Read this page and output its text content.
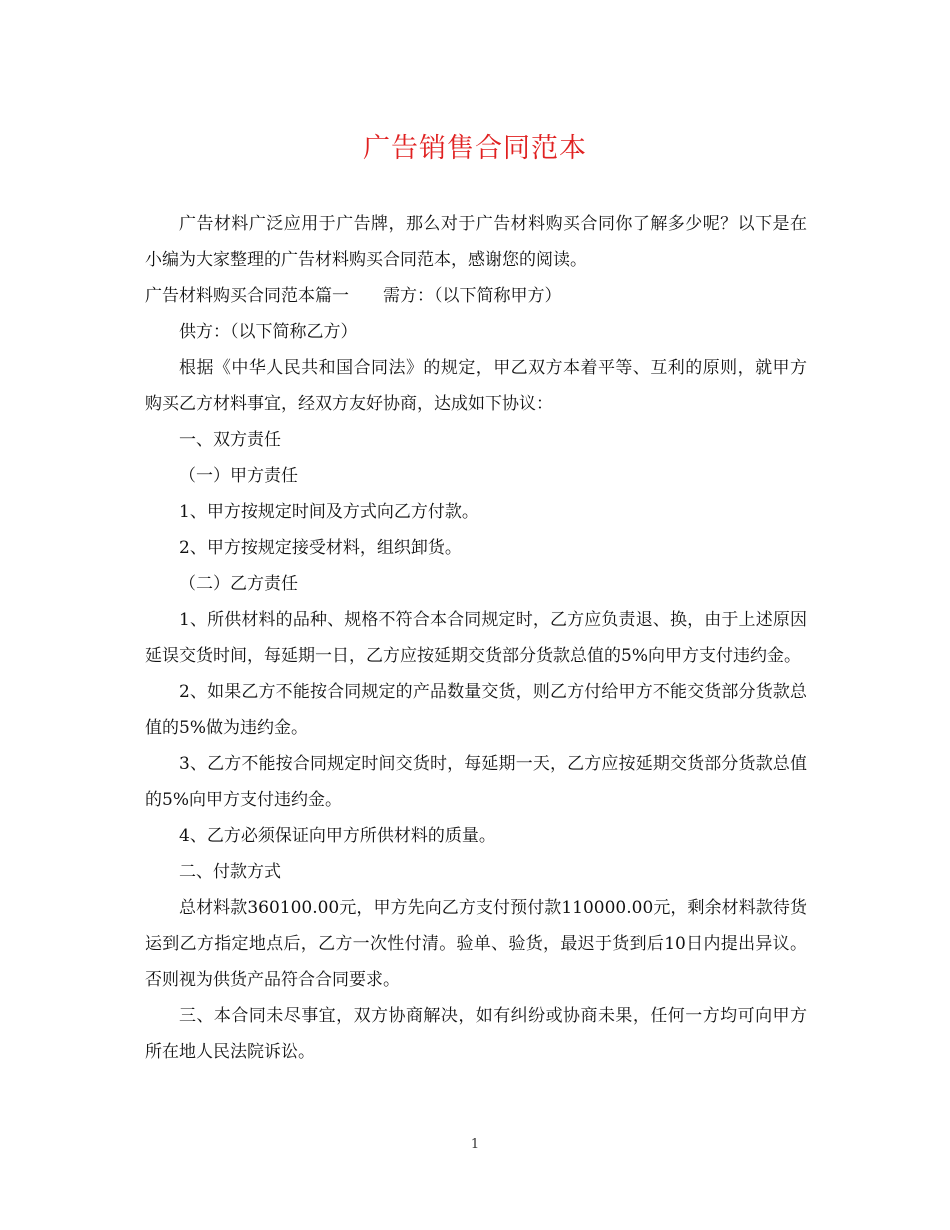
广告销售合同范本

广告材料广泛应用于广告牌，那么对于广告材料购买合同你了解多少呢？以下是在小编为大家整理的广告材料购买合同范本，感谢您的阅读。

广告材料购买合同范本篇一 需方：（以下简称甲方）

供方：（以下简称乙方）

根据《中华人民共和国合同法》的规定，甲乙双方本着平等、互利的原则，就甲方购买乙方材料事宜，经双方友好协商，达成如下协议：

一、双方责任

（一）甲方责任

1、甲方按规定时间及方式向乙方付款。

2、甲方按规定接受材料，组织卸货。

（二）乙方责任

1、所供材料的品种、规格不符合本合同规定时，乙方应负责退、换，由于上述原因延误交货时间，每延期一日，乙方应按延期交货部分货款总值的5%向甲方支付违约金。

2、如果乙方不能按合同规定的产品数量交货，则乙方付给甲方不能交货部分货款总值的5%做为违约金。

3、乙方不能按合同规定时间交货时，每延期一天，乙方应按延期交货部分货款总值的5%向甲方支付违约金。

4、乙方必须保证向甲方所供材料的质量。

二、付款方式

总材料款360100.00元，甲方先向乙方支付预付款110000.00元，剩余材料款待货运到乙方指定地点后，乙方一次性付清。验单、验货，最迟于货到后10日内提出异议。否则视为供货产品符合合同要求。

三、本合同未尽事宜，双方协商解决，如有纠纷或协商未果，任何一方均可向甲方所在地人民法院诉讼。

1
